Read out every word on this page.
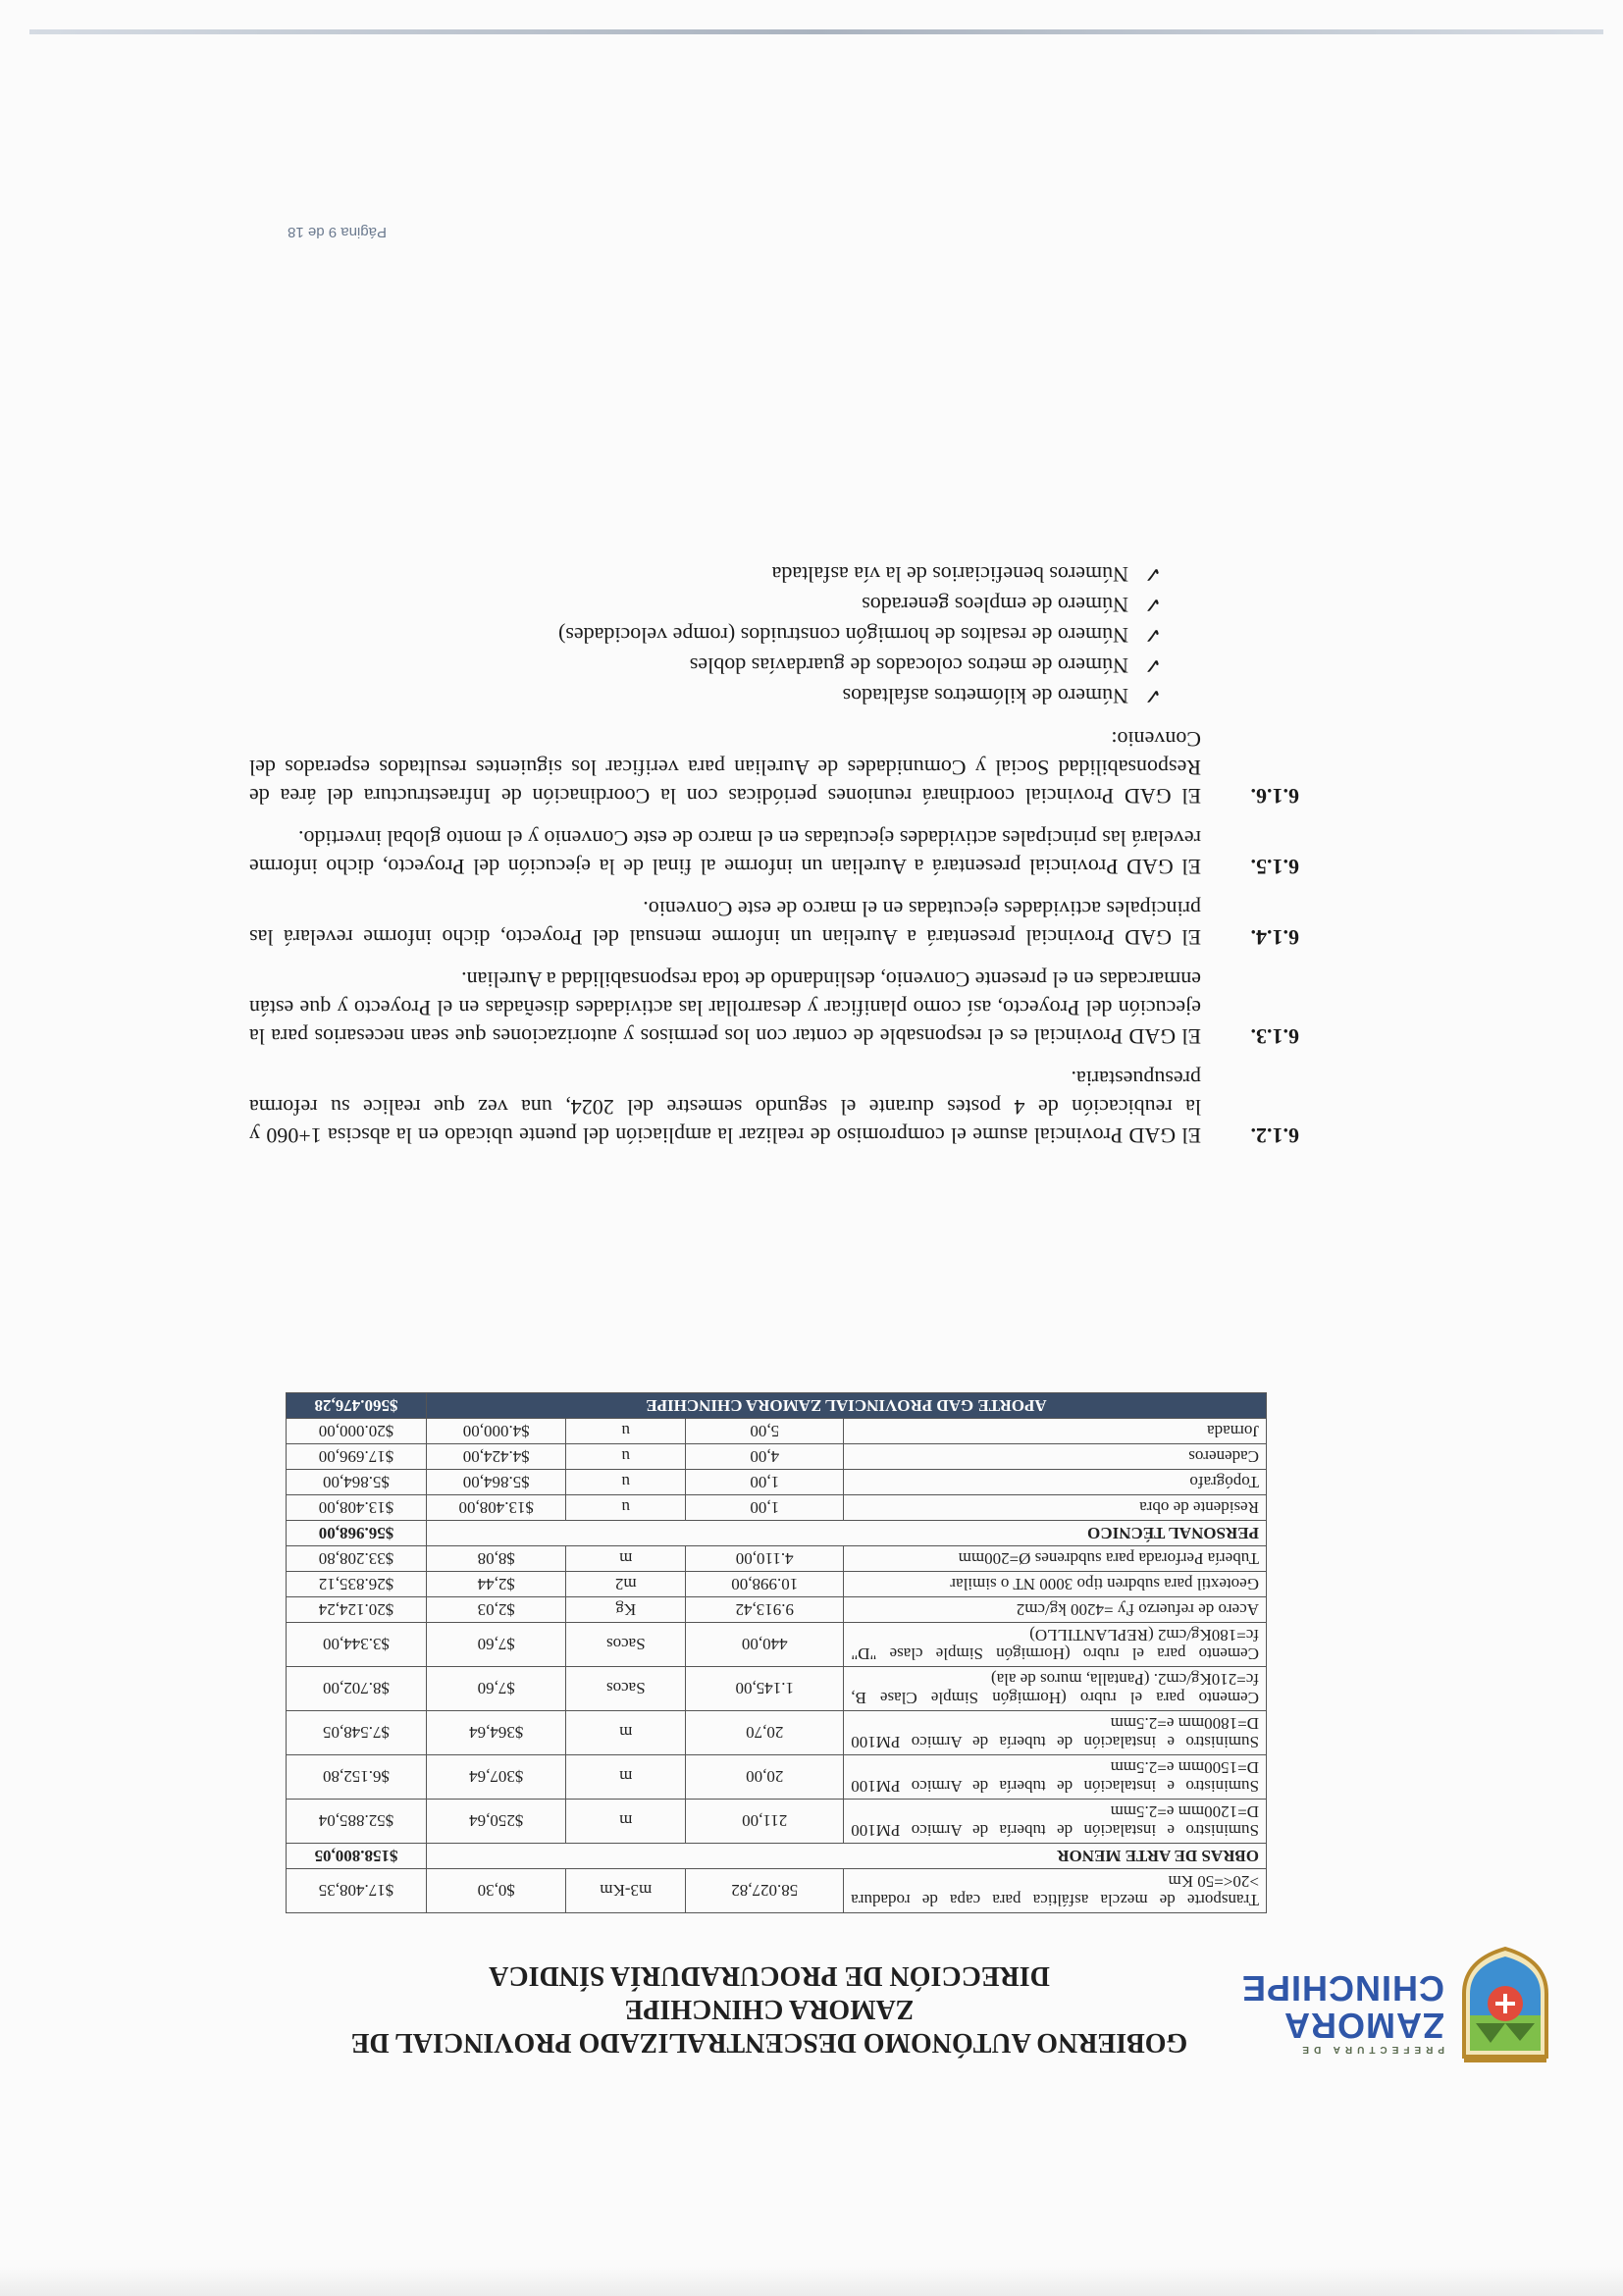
PREFECTURA DE
ZAMORA
CHINCHIPE
GOBIERNO AUTÓNOMO DESCENTRALIZADO PROVINCIAL DE
ZAMORA CHINCHIPE
DIRECCIÓN DE PROCURADURÍA SÍNDICA
Transporte de mezcla asfáltica para capa de rodadura >20<=50 Km	58.027,82	m3-Km	$0,30	$17.408,35
OBRAS DE ARTE MENOR				$158.800,05
Suministro e instalación de tubería de Armico PM100 D=1200mm e=2.5mm	211,00	m	$250,64	$52.885,04
Suministro e instalación de tubería de Armico PM100 D=1500mm e=2.5mm	20,00	m	$307,64	$6.152,80
Suministro e instalación de tubería de Armico PM100 D=1800mm e=2.5mm	20,70	m	$364,64	$7.548,05
Cemento para el rubro (Hormigón Simple Clase B, fc=210Kg/cm2. (Pantalla, muros de ala)	1.145,00	Sacos	$7,60	$8.702,00
Cemento para el rubro (Hormigón Simple clase "D" fc=180Kg/cm2 (REPLANTILLO)	440,00	Sacos	$7,60	$3.344,00
Acero de refuerzo f'y =4200 kg/cm2	9.913,42	Kg	$2,03	$20.124,24
Geotextil para subdren tipo 3000 NT o similar	10.998,00	m2	$2,44	$26.835,12
Tubería Perforada para subdrenes Ø=200mm	4.110,00	m	$8,08	$33.208,80
PERSONAL TÉCNICO				$56.968,00
Residente de obra	1,00	u	$13.408,00	$13.408,00
Topógrafo	1,00	u	$5.864,00	$5.864,00
Cadeneros	4,00	u	$4.424,00	$17.696,00
Jornada	5,00	u	$4.000,00	$20.000,00
APORTE GAD PROVINCIAL ZAMORA CHINCHIPE				$560.476,28
6.1.2.
El GAD Provincial asume el compromiso de realizar la ampliación del puente ubicado en la abscisa 1+060 y la reubicación de 4 postes durante el segundo semestre del 2024, una vez que realice su reforma presupuestaria.
6.1.3.
El GAD Provincial es el responsable de contar con los permisos y autorizaciones que sean necesarios para la ejecución del Proyecto, así como planificar y desarrollar las actividades diseñadas en el Proyecto y que están enmarcadas en el presente Convenio, deslindando de toda responsabilidad a Aurelian.
6.1.4.
El GAD Provincial presentará a Aurelian un informe mensual del Proyecto, dicho informe revelará las principales actividades ejecutadas en el marco de este Convenio.
6.1.5.
El GAD Provincial presentará a Aurelian un informe al final de la ejecución del Proyecto, dicho informe revelará las principales actividades ejecutadas en el marco de este Convenio y el monto global invertido.
6.1.6.
El GAD Provincial coordinará reuniones periódicas con la Coordinación de Infraestructura del área de Responsabilidad Social y Comunidades de Aurelian para verificar los siguientes resultados esperados del Convenio:
✓
Número de kilómetros asfaltados
✓
Número de metros colocados de guardavías dobles
✓
Número de resaltos de hormigón construidos (rompe velocidades)
✓
Número de empleos generados
✓
Números beneficiarios de la vía asfaltada
Página 9 de 18
